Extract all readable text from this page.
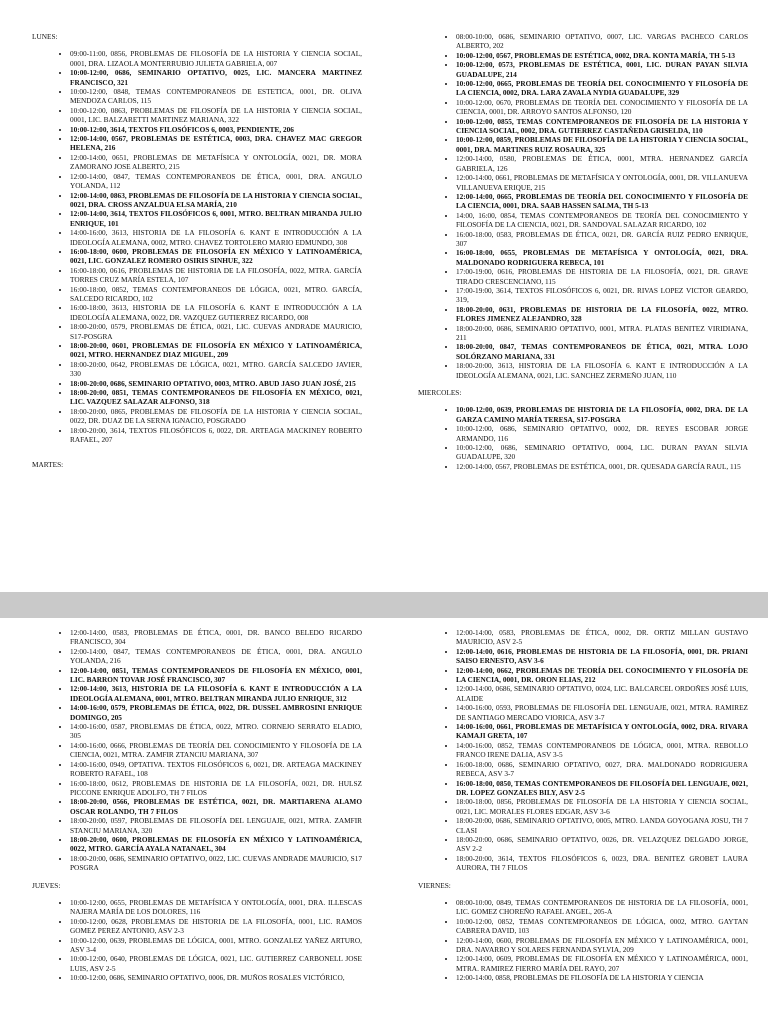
LUNES:
• 09:00-11:00, 0856, PROBLEMAS DE FILOSOFÍA DE LA HISTORIA Y CIENCIA SOCIAL, 0001, DRA. LIZAOLA MONTERRUBIO JULIETA GABRIELA, 007
• 10:00-12:00, 0686, SEMINARIO OPTATIVO, 0025, LIC. MANCERA MARTINEZ FRANCISCO, 321
• 10:00-12:00, 0848, TEMAS CONTEMPORANEOS DE ESTETICA, 0001, DR. OLIVA MENDOZA CARLOS, 115
• 10:00-12:00, 0863, PROBLEMAS DE FILOSOFÍA DE LA HISTORIA Y CIENCIA SOCIAL, 0001, LIC. BALZARETTI MARTINEZ MARIANA, 322
• 10:00-12:00, 3614, TEXTOS FILOSÓFICOS 6, 0003, PENDIENTE, 206
• 12:00-14:00, 0567, PROBLEMAS DE ESTÉTICA, 0003, DRA. CHAVEZ MAC GREGOR HELENA, 216
• 12:00-14:00, 0651, PROBLEMAS DE METAFÍSICA Y ONTOLOGÍA, 0021, DR. MORA ZAMORANO JOSE ALBERTO, 215
• 12:00-14:00, 0847, TEMAS CONTEMPORANEOS DE ÉTICA, 0001, DRA. ANGULO YOLANDA, 112
• 12:00-14:00, 0863, PROBLEMAS DE FILOSOFÍA DE LA HISTORIA Y CIENCIA SOCIAL, 0021, DRA. CROSS ANZALDUA ELSA MARÍA, 210
• 12:00-14:00, 3614, TEXTOS FILOSÓFICOS 6, 0001, MTRO. BELTRAN MIRANDA JULIO ENRIQUE, 101
• 14:00-16:00, 3613, HISTORIA DE LA FILOSOFÍA 6. KANT E INTRODUCCIÓN A LA IDEOLOGÍA ALEMANA, 0002, MTRO. CHAVEZ TORTOLERO MARIO EDMUNDO, 308
• 16:00-18:00, 0600, PROBLEMAS DE FILOSOFÍA EN MÉXICO Y LATINOAMÉRICA, 0021, LIC. GONZALEZ ROMERO OSIRIS SINHUE, 322
• 16:00-18:00, 0616, PROBLEMAS DE HISTORIA DE LA FILOSOFÍA, 0022, MTRA. GARCÍA TORRES CRUZ MARÍA ESTELA, 107
• 16:00-18:00, 0852, TEMAS CONTEMPORANEOS DE LÓGICA, 0021, MTRO. GARCÍA, SALCEDO RICARDO, 102
• 16:00-18:00, 3613, HISTORIA DE LA FILOSOFÍA 6. KANT E INTRODUCCIÓN A LA IDEOLOGÍA ALEMANA, 0022, DR. VAZQUEZ GUTIERREZ RICARDO, 008
• 18:00-20:00, 0579, PROBLEMAS DE ÉTICA, 0021, LIC. CUEVAS ANDRADE MAURICIO, S17-POSGRA
• 18:00-20:00, 0601, PROBLEMAS DE FILOSOFÍA EN MÉXICO Y LATINOAMÉRICA, 0021, MTRO. HERNANDEZ DIAZ MIGUEL, 209
• 18:00-20:00, 0642, PROBLEMAS DE LÓGICA, 0021, MTRO. GARCÍA SALCEDO JAVIER, 330
• 18:00-20:00, 0686, SEMINARIO OPTATIVO, 0003, MTRO. ABUD JASO JUAN JOSÉ, 215
• 18:00-20:00, 0851, TEMAS CONTEMPORANEOS DE FILOSOFÍA EN MÉXICO, 0021, LIC. VAZQUEZ SALAZAR ALFONSO, 318
• 18:00-20:00, 0865, PROBLEMAS DE FILOSOFÍA DE LA HISTORIA Y CIENCIA SOCIAL, 0022, DR. DUAZ DE LA SERNA IGNACIO, POSGRADO
• 18:00-20:00, 3614, TEXTOS FILOSÓFICOS 6, 0022, DR. ARTEAGA MACKINEY ROBERTO RAFAEL, 207
MARTES:
• 08:00-10:00, 0686, SEMINARIO OPTATIVO, 0007, LIC. VARGAS PACHECO CARLOS ALBERTO, 202
• 10:00-12:00, 0567, PROBLEMAS DE ESTÉTICA, 0002, DRA. KONTA MARÍA, TH 5-13
• 10:00-12:00, 0573, PROBLEMAS DE ESTÉTICA, 0001, LIC. DURAN PAYAN SILVIA GUADALUPE, 214
• 10:00-12:00, 0665, PROBLEMAS DE TEORÍA DEL CONOCIMIENTO Y FILOSOFÍA DE LA CIENCIA, 0002, DRA. LARA ZAVALA NYDIA GUADALUPE, 329
• 10:00-12:00, 0670, PROBLEMAS DE TEORÍA DEL CONOCIMIENTO Y FILOSOFÍA DE LA CIENCIA, 0001, DR. ARROYO SANTOS ALFONSO, 120
• 10:00-12:00, 0855, TEMAS CONTEMPORANEOS DE FILOSOFÍA DE LA HISTORIA Y CIENCIA SOCIAL, 0002, DRA. GUTIERREZ CASTAÑEDA GRISELDA, 110
• 10:00-12:00, 0859, PROBLEMAS DE FILOSOFÍA DE LA HISTORIA Y CIENCIA SOCIAL, 0001, DRA. MARTINES RUIZ ROSAURA, 325
• 12:00-14:00, 0580, PROBLEMAS DE ÉTICA, 0001, MTRA. HERNANDEZ GARCÍA GABRIELA, 126
• 12:00-14:00, 0661, PROBLEMAS DE METAFÍSICA Y ONTOLOGÍA, 0001, DR. VILLANUEVA VILLANUEVA ERIQUE, 215
• 12:00-14:00, 0665, PROBLEMAS DE TEORÍA DEL CONOCIMIENTO Y FILOSOFÍA DE LA CIENCIA, 0001, DRA. SAAB HASSEN SALMA, TH 5-13
• 14:00, 16:00, 0854, TEMAS CONTEMPORANEOS DE TEORÍA DEL CONOCIMIENTO Y FILOSOFÍA DE LA CIENCIA, 0021, DR. SANDOVAL SALAZAR RICARDO, 102
• 16:00-18:00, 0583, PROBLEMAS DE ÉTICA, 0021, DR. GARCÍA RUIZ PEDRO ENRIQUE, 307
• 16:00-18:00, 0655, PROBLEMAS DE METAFÍSICA Y ONTOLOGÍA, 0021, DRA. MALDONADO RODRIGUERA REBECA, 101
• 17:00-19:00, 0616, PROBLEMAS DE HISTORIA DE LA FILOSOFÍA, 0021, DR. GRAVE TIRADO CRESCENCIANO, 115
• 17:00-19:00, 3614, TEXTOS FILOSÓFICOS 6, 0021, DR. RIVAS LOPEZ VICTOR GEARDO, 319,
• 18:00-20:00, 0631, PROBLEMAS DE HISTORIA DE LA FILOSOFÍA, 0022, MTRO. FLORES JIMENEZ ALEJANDRO, 328
• 18:00-20:00, 0686, SEMINARIO OPTATIVO, 0001, MTRA. PLATAS BENITEZ VIRIDIANA, 211
• 18:00-20:00, 0847, TEMAS CONTEMPORANEOS DE ÉTICA, 0021, MTRA. LOJO SOLÓRZANO MARIANA, 331
• 18:00-20:00, 3613, HISTORIA DE LA FILOSOFÍA 6. KANT E INTRODUCCIÓN A LA IDEOLOGÍA ALEMANA, 0021, LIC. SANCHEZ ZERMEÑO JUAN, 110
MIERCOLES:
• 10:00-12:00, 0639, PROBLEMAS DE HISTORIA DE LA FILOSOFÍA, 0002, DRA. DE LA GARZA CAMINO MARÍA TERESA, S17-POSGRA
• 10:00-12:00, 0686, SEMINARIO OPTATIVO, 0002, DR. REYES ESCOBAR JORGE ARMANDO, 116
• 10:00-12:00, 0686, SEMINARIO OPTATIVO, 0004, LIC. DURAN PAYAN SILVIA GUADALUPE, 320
• 12:00-14:00, 0567, PROBLEMAS DE ESTÉTICA, 0001, DR. QUESADA GARCÍA RAUL, 115
• 12:00-14:00, 0583, PROBLEMAS DE ÉTICA, 0001, DR. BANCO BELEDO RICARDO FRANCISCO, 304
• 12:00-14:00, 0847, TEMAS CONTEMPORANEOS DE ÉTICA, 0001, DRA. ANGULO YOLANDA, 216
• 12:00-14:00, 0851, TEMAS CONTEMPORANEOS DE FILOSOFÍA EN MÉXICO, 0001, LIC. BARRON TOVAR JOSÉ FRANCISCO, 307
• 12:00-14:00, 3613, HISTORIA DE LA FILOSOFÍA 6. KANT E INTRODUCCIÓN A LA IDEOLOGÍA ALEMANA, 0001, MTRO. BELTRAN MIRANDA JULIO ENRIQUE, 312
• 14:00-16:00, 0579, PROBLEMAS DE ÉTICA, 0022, DR. DUSSEL AMBROSINI ENRIQUE DOMINGO, 205
• 14:00-16:00, 0587, PROBLEMAS DE ÉTICA, 0022, MTRO. CORNEJO SERRATO ELADIO, 305
• 14:00-16:00, 0666, PROBLEMAS DE TEORÍA DEL CONOCIMIENTO Y FILOSOFÍA DE LA CIENCIA, 0021, MTRA. ZAMFIR ZTANCIU MARIANA, 307
• 14:00-16:00, 0949, OPTATIVA. TEXTOS FILOSÓFICOS 6, 0021, DR. ARTEAGA MACKINEY ROBERTO RAFAEL, 108
• 16:00-18:00, 0612, PROBLEMAS DE HISTORIA DE LA FILOSOFÍA, 0021, DR. HULSZ PICCONE ENRIQUE ADOLFO, TH 7 FILOS
• 18:00-20:00, 0566, PROBLEMAS DE ESTÉTICA, 0021, DR. MARTIARENA ALAMO OSCAR ROLANDO, TH 7 FILOS
• 18:00-20:00, 0597, PROBLEMAS DE FILOSOFÍA DEL LENGUAJE, 0021, MTRA. ZAMFIR STANCIU MARIANA, 320
• 18:00-20:00, 0600, PROBLEMAS DE FILOSOFÍA EN MÉXICO Y LATINOAMÉRICA, 0022, MTRO. GARCÍA AYALA NATANAEL, 304
• 18:00-20:00, 0686, SEMINARIO OPTATIVO, 0022, LIC. CUEVAS ANDRADE MAURICIO, S17 POSGRA
JUEVES:
• 10:00-12:00, 0655, PROBLEMAS DE METAFÍSICA Y ONTOLOGÍA, 0001, DRA. ILLESCAS NAJERA MARÍA DE LOS DOLORES, 116
• 10:00-12:00, 0628, PROBLEMAS DE HISTORIA DE LA FILOSOFÍA, 0001, LIC. RAMOS GOMEZ PEREZ ANTONIO, ASV 2-3
• 10:00-12:00, 0639, PROBLEMAS DE LÓGICA, 0001, MTRO. GONZALEZ YAÑEZ ARTURO, ASV 3-4
• 10:00-12:00, 0640, PROBLEMAS DE LÓGICA, 0021, LIC. GUTIERREZ CARBONELL JOSE LUIS, ASV 2-5
• 10:00-12:00, 0686, SEMINARIO OPTATIVO, 0006, DR. MUÑOS ROSALES VICTÓRICO,
• 12:00-14:00, 0583, PROBLEMAS DE ÉTICA, 0002, DR. ORTIZ MILLAN GUSTAVO MAURICIO, ASV 2-5
• 12:00-14:00, 0616, PROBLEMAS DE HISTORIA DE LA FILOSOFÍA, 0001, DR. PRIANI SAISO ERNESTO, ASV 3-6
• 12:00-14:00, 0662, PROBLEMAS DE TEORÍA DEL CONOCIMIENTO Y FILOSOFÍA DE LA CIENCIA, 0001, DR. ORON ELIAS, 212
• 12:00-14:00, 0686, SEMINARIO OPTATIVO, 0024, LIC. BALCARCEL ORDOÑES JOSÉ LUIS, ALAIDE
• 14:00-16:00, 0593, PROBLEMAS DE FILOSOFÍA DEL LENGUAJE, 0021, MTRA. RAMIREZ DE SANTIAGO MERCADO VIORICA, ASV 3-7
• 14:00-16:00, 0661, PROBLEMAS DE METAFÍSICA Y ONTOLOGÍA, 0002, DRA. RIVARA KAMAJI GRETA, 107
• 14:00-16:00, 0852, TEMAS CONTEMPORANEOS DE LÓGICA, 0001, MTRA. REBOLLO FRANCO IRENE DALIA, ASV 3-5
• 16:00-18:00, 0686, SEMINARIO OPTATIVO, 0027, DRA. MALDONADO RODRIGUERA REBECA, ASV 3-7
• 16:00-18:00, 0850, TEMAS CONTEMPORANEOS DE FILOSOFÍA DEL LENGUAJE, 0021, DR. LOPEZ GONZALES BILY, ASV 2-5
• 18:00-18:00, 0856, PROBLEMAS DE FILOSOFÍA DE LA HISTORIA Y CIENCIA SOCIAL, 0021, LIC. MORALES FLORES EDGAR, ASV 3-6
• 18:00-20:00, 0686, SEMINARIO OPTATIVO, 0005, MTRO. LANDA GOYOGANA JOSU, TH 7 CLASI
• 18:00-20:00, 0686, SEMINARIO OPTATIVO, 0026, DR. VELAZQUEZ DELGADO JORGE, ASV 2-2
• 18:00-20:00, 3614, TEXTOS FILOSÓFICOS 6, 0023, DRA. BENITEZ GROBET LAURA AURORA, TH 7 FILOS
VIERNES:
• 08:00-10:00, 0849, TEMAS CONTEMPORANEOS DE HISTORIA DE LA FILOSOFÍA, 0001, LIC. GOMEZ CHOREÑO RAFAEL ANGEL, 205-A
• 10:00-12:00, 0852, TEMAS CONTEMPORANEOS DE LÓGICA, 0002, MTRO. GAYTAN CABRERA DAVID, 103
• 12:00-14:00, 0600, PROBLEMAS DE FILOSOFÍA EN MÉXICO Y LATINOAMÉRICA, 0001, DRA. NAVARRO Y SOLARES FERNANDA SYLVIA, 209
• 12:00-14:00, 0609, PROBLEMAS DE FILOSOFÍA EN MÉXICO Y LATINOAMÉRICA, 0001, MTRA. RAMIREZ FIERRO MARÍA DEL RAYO, 207
• 12:00-14:00, 0858, PROBLEMAS DE FILOSOFÍA DE LA HISTORIA Y CIENCIA
